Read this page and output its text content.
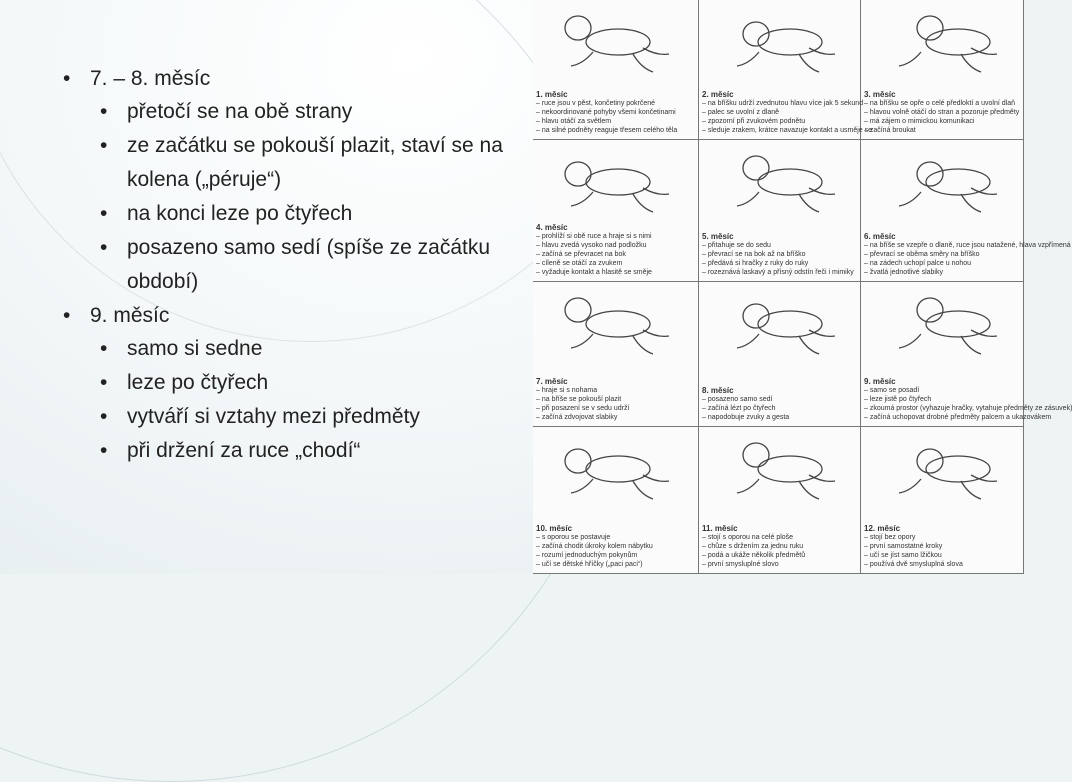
• 7. – 8. měsíc
• přetočí se na obě strany
• ze začátku se pokouší plazit, staví se na kolena („péruje“)
• na konci leze po čtyřech
• posazeno samo sedí (spíše ze začátku období)
• 9. měsíc
• samo si sedne
• leze po čtyřech
• vytváří si vztahy mezi předměty
• při držení za ruce „chodí“
1. měsíc
– ruce jsou v pěst, končetiny pokrčené
– nekoordinované pohyby všemi končetinami
– hlavu otáčí za světlem
– na silné podněty reaguje třesem celého těla
2. měsíc
– na bříšku udrží zvednutou hlavu více jak 5 sekund
– palec se uvolní z dlaně
– zpozorní při zvukovém podnětu
– sleduje zrakem, krátce navazuje kontakt a usměje se
3. měsíc
– na bříšku se opře o celé předloktí a uvolní dlaň
– hlavou volně otáčí do stran a pozoruje předměty
– má zájem o mimickou komunikaci
– začíná broukat
4. měsíc
– prohlíží si obě ruce a hraje si s nimi
– hlavu zvedá vysoko nad podložku
– začíná se převracet na bok
– cíleně se otáčí za zvukem
– vyžaduje kontakt a hlasitě se směje
5. měsíc
– přitahuje se do sedu
– převrací se na bok až na bříško
– předává si hračky z ruky do ruky
– rozeznává laskavý a přísný odstín řeči i mimiky
6. měsíc
– na bříše se vzepře o dlaně, ruce jsou natažené, hlava vzpřímená
– převrací se oběma směry na bříško
– na zádech uchopí palce u nohou
– žvatlá jednotlivé slabiky
7. měsíc
– hraje si s nohama
– na bříše se pokouší plazit
– při posazení se v sedu udrží
– začíná zdvojovat slabiky
8. měsíc
– posazeno samo sedí
– začíná lézt po čtyřech
– napodobuje zvuky a gesta
9. měsíc
– samo se posadí
– leze jistě po čtyřech
– zkoumá prostor (vyhazuje hračky, vytahuje předměty ze zásuvek)
– začíná uchopovat drobné předměty palcem a ukazovákem
10. měsíc
– s oporou se postavuje
– začíná chodit úkroky kolem nábytku
– rozumí jednoduchým pokynům
– učí se dětské hříčky („paci paci“)
11. měsíc
– stojí s oporou na celé ploše
– chůze s držením za jednu ruku
– podá a ukáže několik předmětů
– první smysluplné slovo
12. měsíc
– stojí bez opory
– první samostatné kroky
– učí se jíst samo lžičkou
– používá dvě smysluplná slova
